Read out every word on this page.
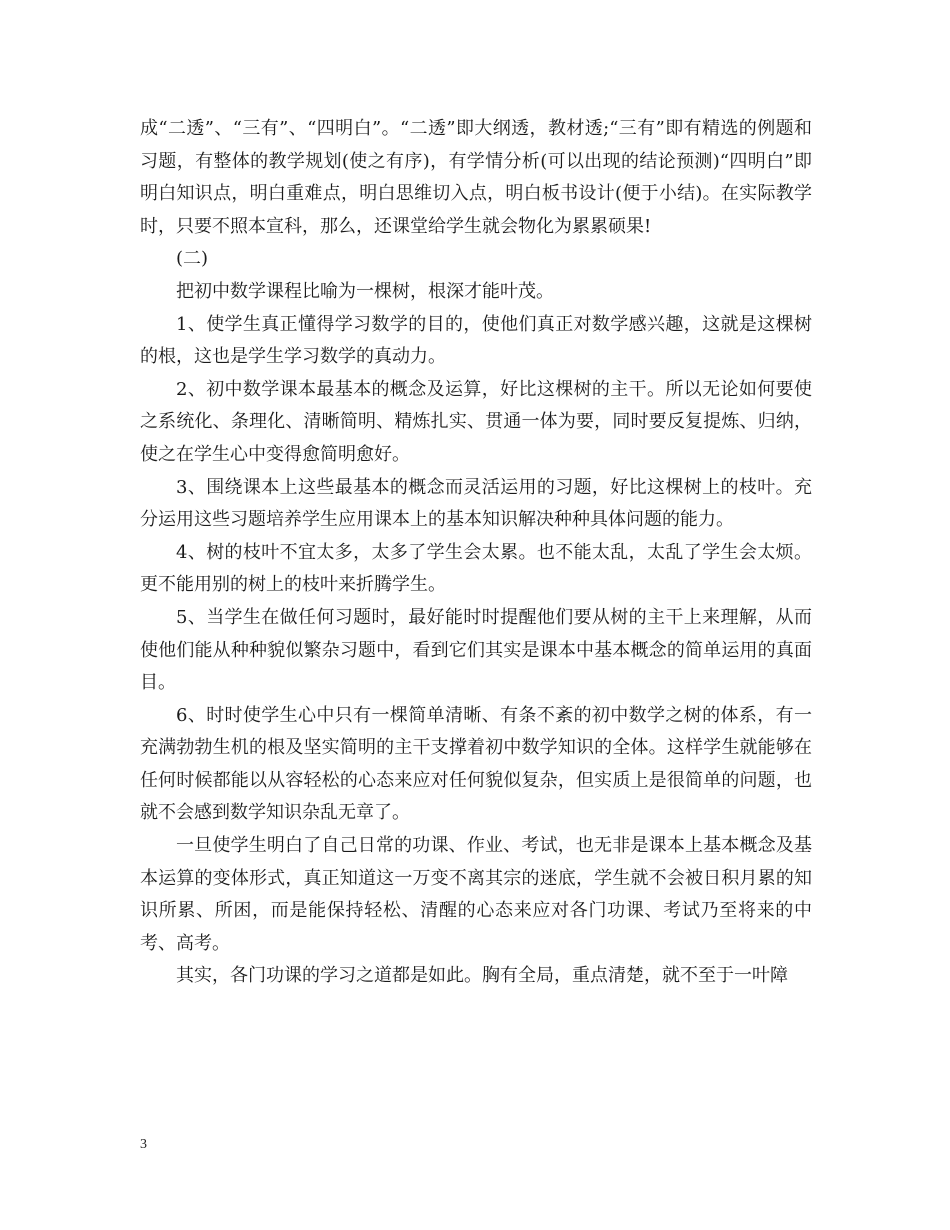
成“二透”、“三有”、“四明白”。“二透”即大纲透，教材透;“三有”即有精选的例题和习题，有整体的教学规划(使之有序)，有学情分析(可以出现的结论预测)“四明白”即明白知识点，明白重难点，明白思维切入点，明白板书设计(便于小结)。在实际教学时，只要不照本宣科，那么，还课堂给学生就会物化为累累硕果!

(二)

把初中数学课程比喻为一棵树，根深才能叶茂。

1、使学生真正懂得学习数学的目的，使他们真正对数学感兴趣，这就是这棵树的根，这也是学生学习数学的真动力。

2、初中数学课本最基本的概念及运算，好比这棵树的主干。所以无论如何要使之系统化、条理化、清晰简明、精炼扎实、贯通一体为要，同时要反复提炼、归纳，使之在学生心中变得愈简明愈好。

3、围绕课本上这些最基本的概念而灵活运用的习题，好比这棵树上的枝叶。充分运用这些习题培养学生应用课本上的基本知识解决种种具体问题的能力。

4、树的枝叶不宜太多，太多了学生会太累。也不能太乱，太乱了学生会太烦。更不能用别的树上的枝叶来折腾学生。

5、当学生在做任何习题时，最好能时时提醒他们要从树的主干上来理解，从而使他们能从种种貌似繁杂习题中，看到它们其实是课本中基本概念的简单运用的真面目。

6、时时使学生心中只有一棵简单清晰、有条不紊的初中数学之树的体系，有一充满勃勃生机的根及坚实简明的主干支撑着初中数学知识的全体。这样学生就能够在任何时候都能以从容轻松的心态来应对任何貌似复杂，但实质上是很简单的问题，也就不会感到数学知识杂乱无章了。

一旦使学生明白了自己日常的功课、作业、考试，也无非是课本上基本概念及基本运算的变体形式，真正知道这一万变不离其宗的迷底，学生就不会被日积月累的知识所累、所困，而是能保持轻松、清醒的心态来应对各门功课、考试乃至将来的中考、高考。

其实，各门功课的学习之道都是如此。胸有全局，重点清楚，就不至于一叶障

3
